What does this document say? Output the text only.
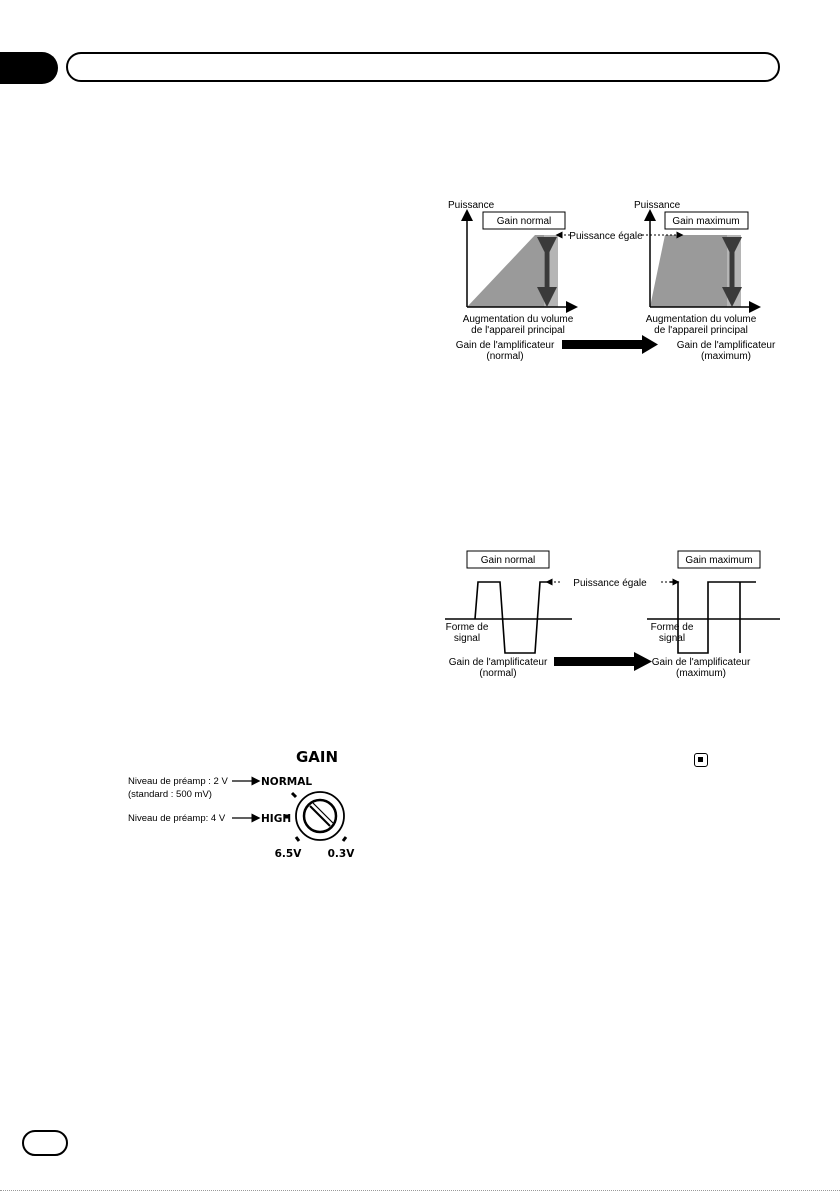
Puissance
Gain normal
Augmentation du volume
de l'appareil principal
Gain de l'amplificateur
(normal)
Puissance
Gain maximum
Augmentation du volume
de l'appareil principal
Gain de l'amplificateur
(maximum)
Puissance égale
Gain normal
Forme de
signal
Gain de l'amplificateur
(normal)
Gain maximum
Forme de
signal
Gain de l'amplificateur
(maximum)
Puissance égale
GAIN
Niveau de préamp : 2 V	NORMAL
(standard : 500 mV)
Niveau de préamp: 4 V	HIGH
6.5V	0.3V
